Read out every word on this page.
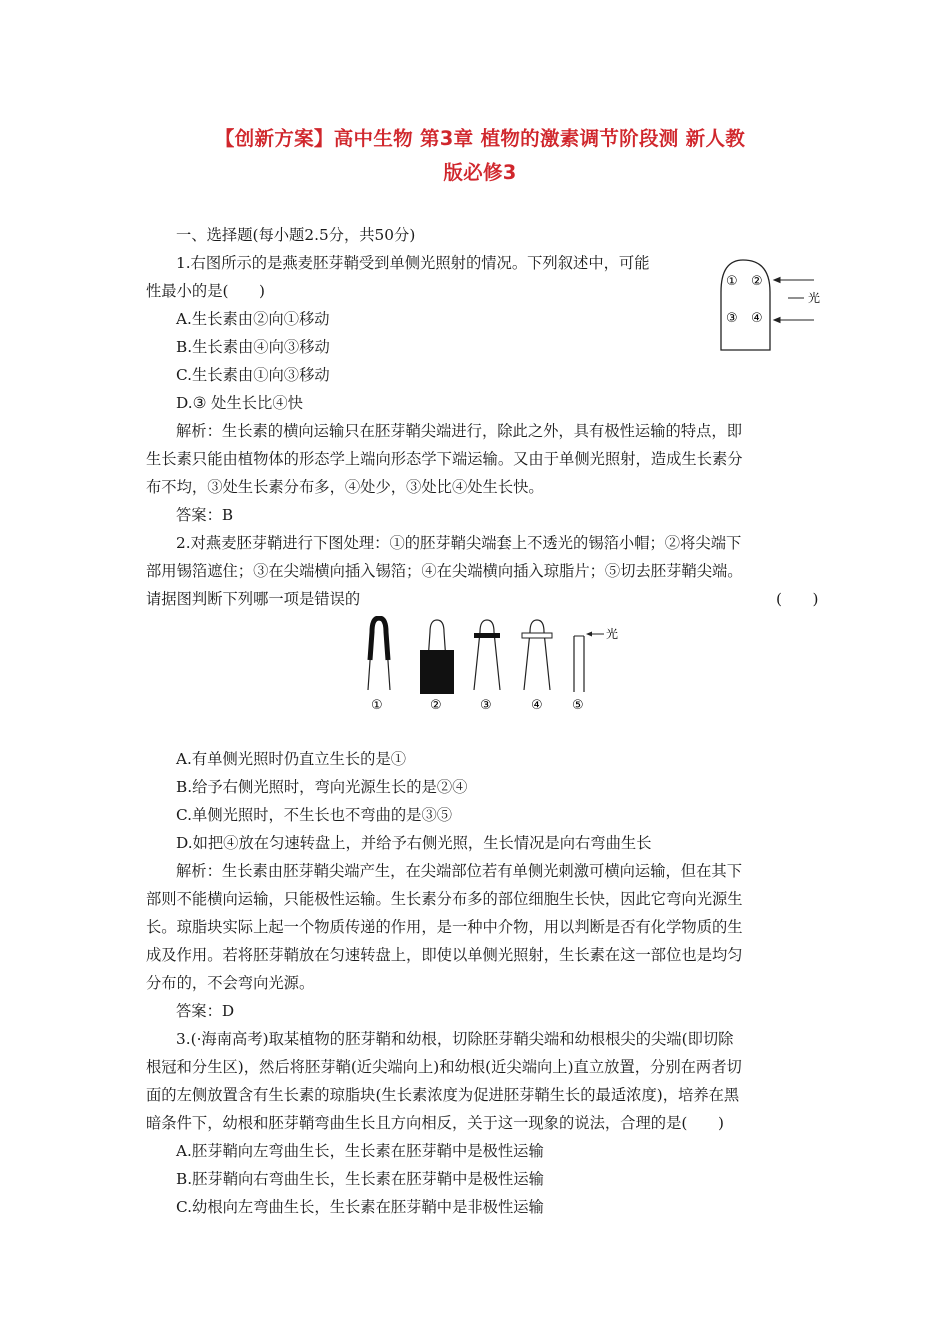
【创新方案】高中生物 第3章 植物的激素调节阶段测 新人教
版必修3
一、选择题(每小题2.5分，共50分)
1.右图所示的是燕麦胚芽鞘受到单侧光照射的情况。下列叙述中，可能
性最小的是(　　)
A.生长素由②向①移动
B.生长素由④向③移动
C.生长素由①向③移动
D.③ 处生长比④快
① ②
③ ④
光
解析：生长素的横向运输只在胚芽鞘尖端进行，除此之外，具有极性运输的特点，即
生长素只能由植物体的形态学上端向形态学下端运输。又由于单侧光照射，造成生长素分
布不均，③处生长素分布多，④处少，③处比④处生长快。
答案：B
2.对燕麦胚芽鞘进行下图处理：①的胚芽鞘尖端套上不透光的锡箔小帽；②将尖端下
部用锡箔遮住；③在尖端横向插入锡箔；④在尖端横向插入琼脂片；⑤切去胚芽鞘尖端。
请据图判断下列哪一项是错误的	(　　)
①	②	③	④
光
⑤
A.有单侧光照时仍直立生长的是①
B.给予右侧光照时，弯向光源生长的是②④
C.单侧光照时，不生长也不弯曲的是③⑤
D.如把④放在匀速转盘上，并给予右侧光照，生长情况是向右弯曲生长
解析：生长素由胚芽鞘尖端产生，在尖端部位若有单侧光刺激可横向运输，但在其下
部则不能横向运输，只能极性运输。生长素分布多的部位细胞生长快，因此它弯向光源生
长。琼脂块实际上起一个物质传递的作用，是一种中介物，用以判断是否有化学物质的生
成及作用。若将胚芽鞘放在匀速转盘上，即使以单侧光照射，生长素在这一部位也是均匀
分布的，不会弯向光源。
答案：D
3.(·海南高考)取某植物的胚芽鞘和幼根，切除胚芽鞘尖端和幼根根尖的尖端(即切除
根冠和分生区)，然后将胚芽鞘(近尖端向上)和幼根(近尖端向上)直立放置，分别在两者切
面的左侧放置含有生长素的琼脂块(生长素浓度为促进胚芽鞘生长的最适浓度)，培养在黑
暗条件下，幼根和胚芽鞘弯曲生长且方向相反，关于这一现象的说法，合理的是(　　)
A.胚芽鞘向左弯曲生长，生长素在胚芽鞘中是极性运输
B.胚芽鞘向右弯曲生长，生长素在胚芽鞘中是极性运输
C.幼根向左弯曲生长，生长素在胚芽鞘中是非极性运输
